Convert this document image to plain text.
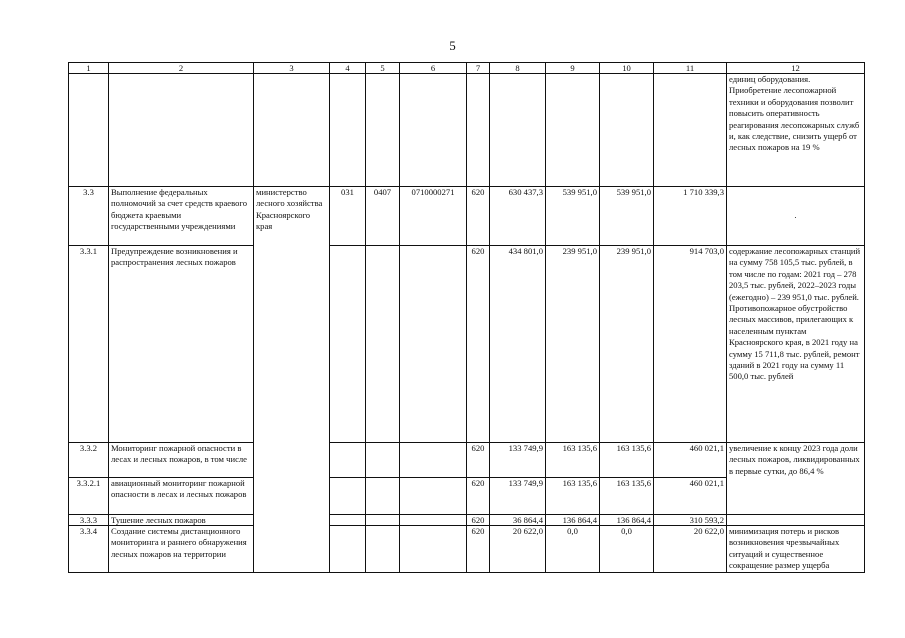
5
1	2	3	4	5	6	7	8	9	10	11	12
											единиц оборудования. Приобретение лесопожарной техники и оборудования позволит повысить оперативность реагирования лесопожарных служб и, как следствие, снизить ущерб от лесных пожаров на 19 %
3.3	Выполнение федеральных полномочий за счет средств краевого бюджета краевыми государственными учреждениями	министерство лесного хозяйства Красноярского края	031	0407	0710000271	620	630 437,3	539 951,0	539 951,0	1 710 339,3	.
3.3.1	Предупреждение возникновения и распространения лесных пожаров					620	434 801,0	239 951,0	239 951,0	914 703,0	содержание лесопожарных станций на сумму 758 105,5 тыс. рублей, в том числе по годам: 2021 год – 278 203,5 тыс. рублей, 2022–2023 годы (ежегодно) – 239 951,0 тыс. рублей. Противопожарное обустройство лесных массивов, прилегающих к населенным пунктам Красноярского края, в 2021 году на сумму 15 711,8 тыс. рублей, ремонт зданий в 2021 году на сумму 11 500,0 тыс. рублей
3.3.2	Мониторинг пожарной опасности в лесах и лесных пожаров, в том числе					620	133 749,9	163 135,6	163 135,6	460 021,1	увеличение к концу 2023 года доли лесных пожаров, ликвидированных в первые сутки, до 86,4 %
3.3.2.1	авиационный мониторинг пожарной опасности в лесах и лесных пожаров					620	133 749,9	163 135,6	163 135,6	460 021,1	
3.3.3	Тушение лесных пожаров					620	36 864,4	136 864,4	136 864,4	310 593,2	
3.3.4	Создание системы дистанционного мониторинга и раннего обнаружения лесных пожаров на территории					620	20 622,0	0,0	0,0	20 622,0	минимизация потерь и рисков возникновения чрезвычайных ситуаций и существенное сокращение размер ущерба
